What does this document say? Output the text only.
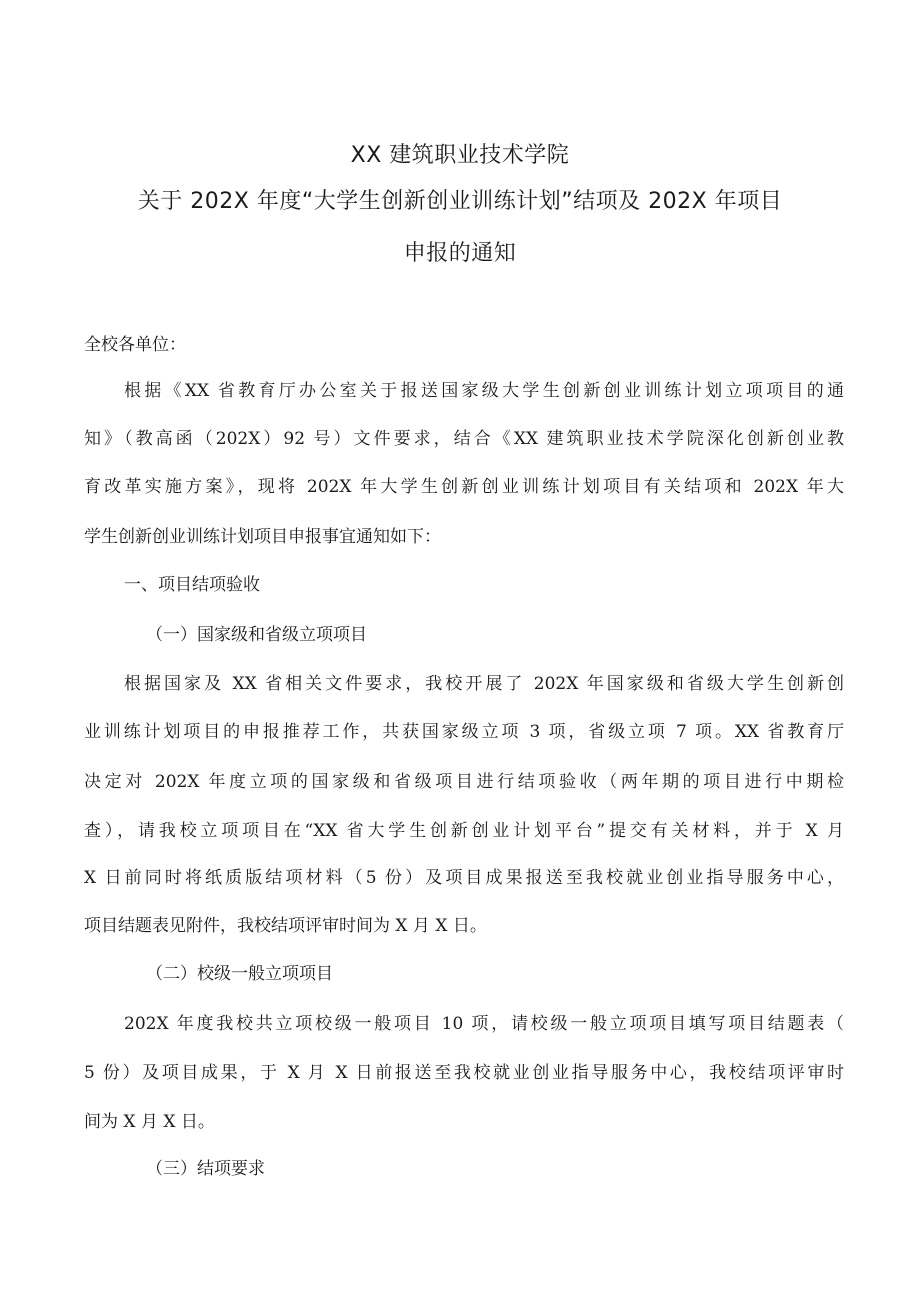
XX 建筑职业技术学院
关于 202X 年度“大学生创新创业训练计划”结项及 202X 年项目
申报的通知

全校各单位：

根据《XX 省教育厅办公室关于报送国家级大学生创新创业训练计划立项项目的通

知》（教高函（202X）92 号）文件要求，结合《XX 建筑职业技术学院深化创新创业教

育改革实施方案》，现将 202X 年大学生创新创业训练计划项目有关结项和 202X 年大

学生创新创业训练计划项目申报事宜通知如下：

一、项目结项验收

（一）国家级和省级立项项目

根据国家及 XX 省相关文件要求，我校开展了 202X 年国家级和省级大学生创新创

业训练计划项目的申报推荐工作，共获国家级立项 3 项，省级立项 7 项。XX 省教育厅

决定对 202X 年度立项的国家级和省级项目进行结项验收（两年期的项目进行中期检

查），请我校立项项目在“XX 省大学生创新创业计划平台”提交有关材料，并于 X 月

X 日前同时将纸质版结项材料（5 份）及项目成果报送至我校就业创业指导服务中心，

项目结题表见附件，我校结项评审时间为 X 月 X 日。

（二）校级一般立项项目

202X 年度我校共立项校级一般项目 10 项，请校级一般立项项目填写项目结题表（

5 份）及项目成果，于 X 月 X 日前报送至我校就业创业指导服务中心，我校结项评审时

间为 X 月 X 日。

（三）结项要求
